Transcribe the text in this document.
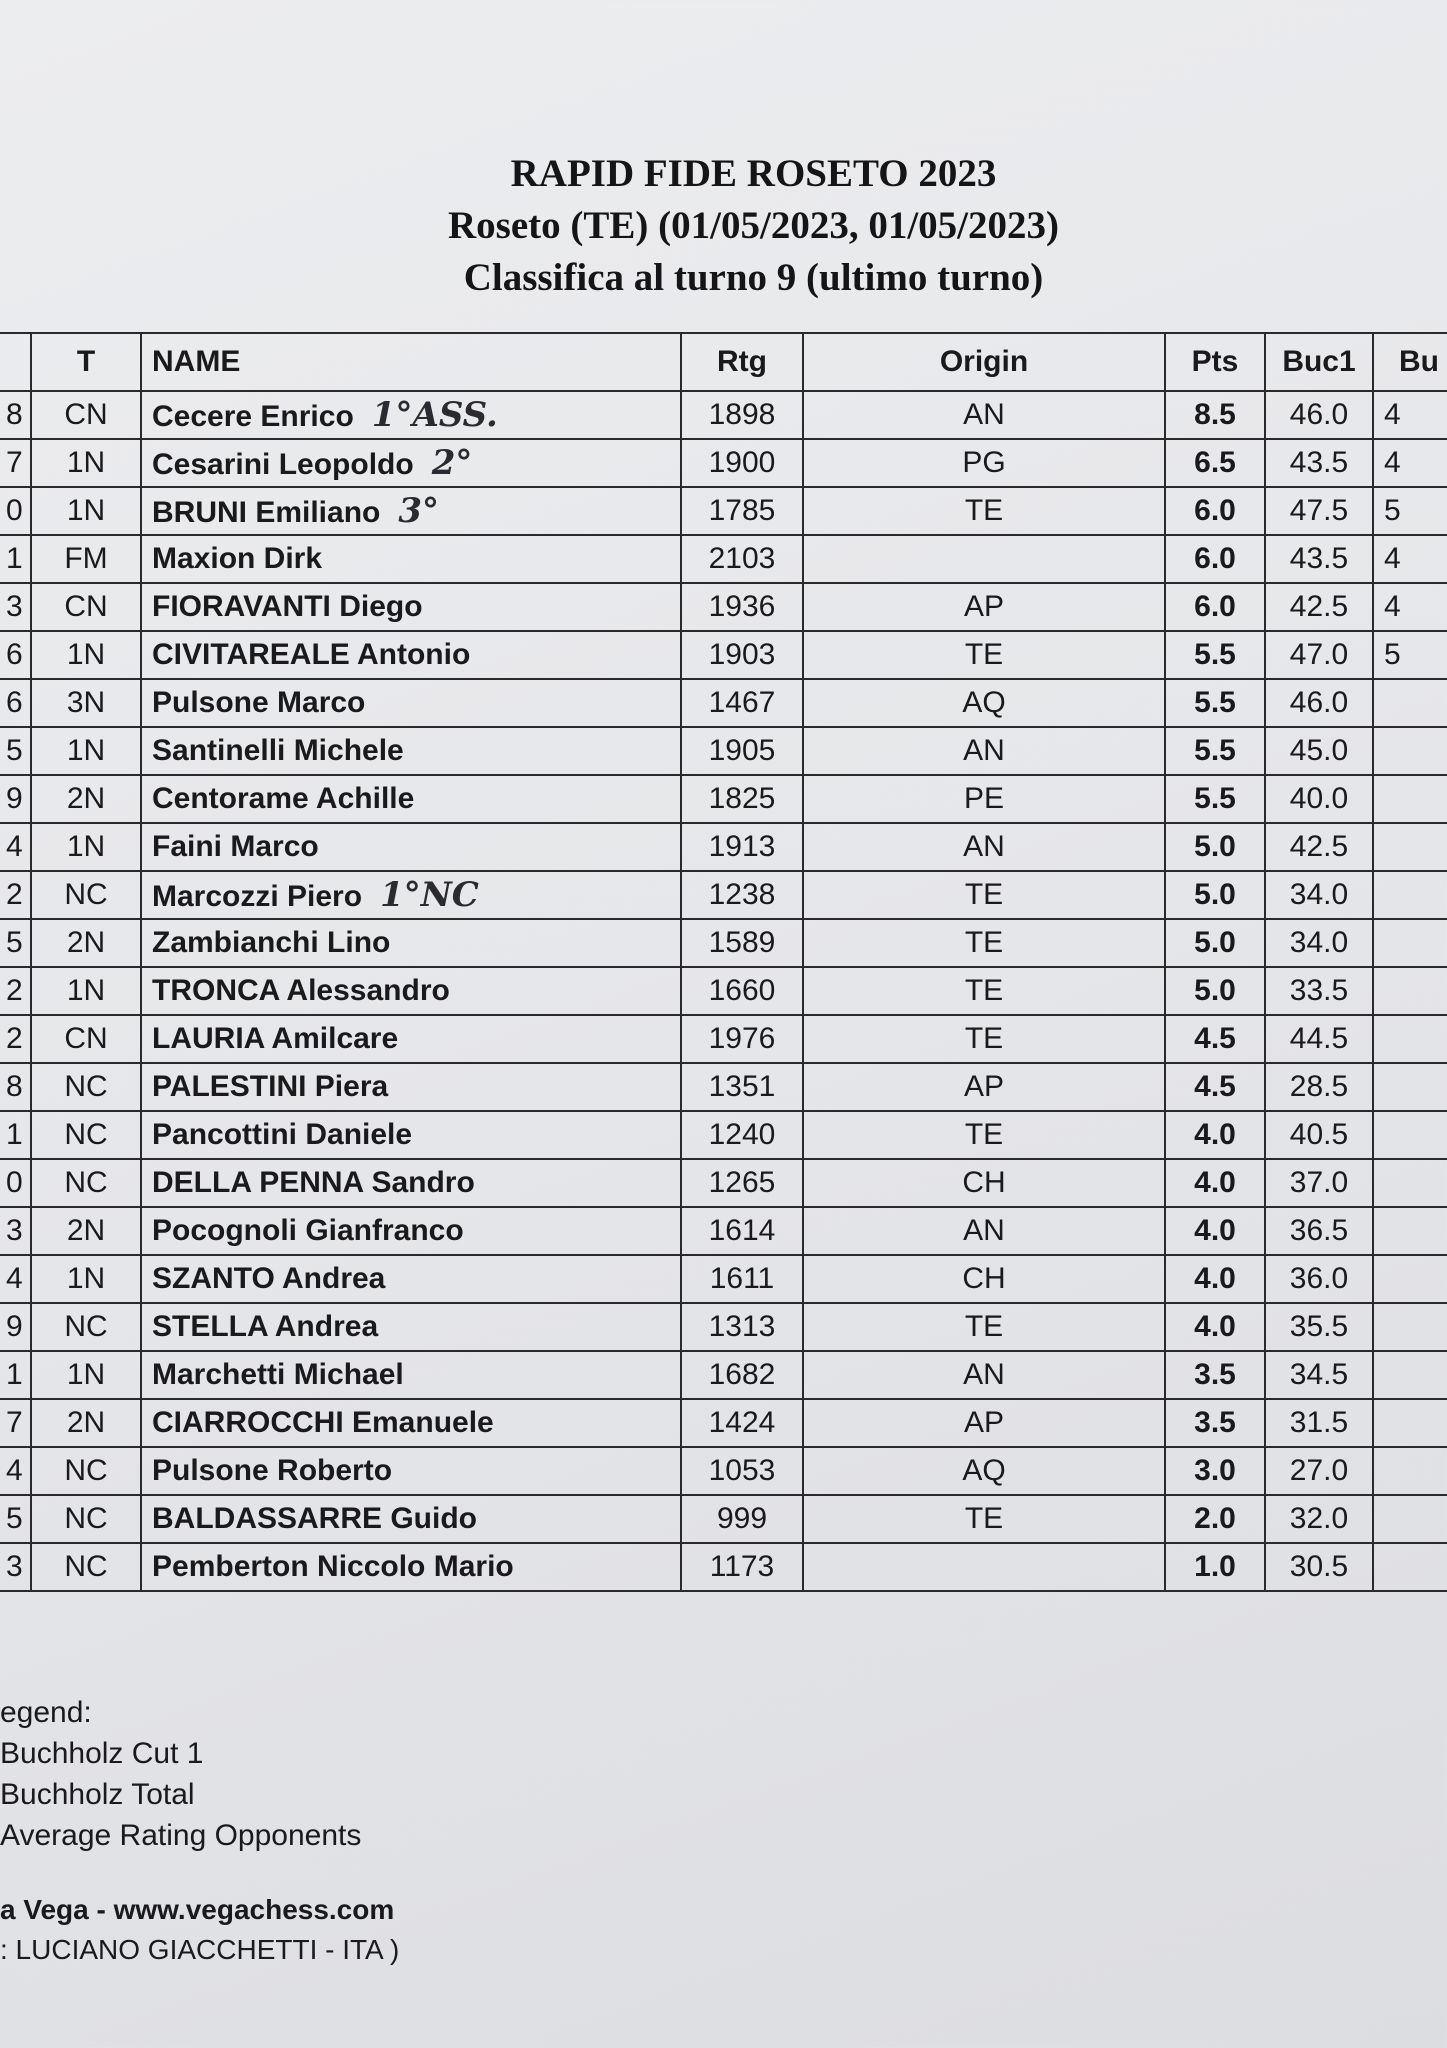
RAPID FIDE ROSETO 2023
Roseto (TE) (01/05/2023, 01/05/2023)
Classifica al turno 9 (ultimo turno)
	T	NAME	Rtg	Origin	Pts	Buc1	Bu
8	CN	Cecere Enrico 1°ASS.	1898	AN	8.5	46.0	4
7	1N	Cesarini Leopoldo 2°	1900	PG	6.5	43.5	4
0	1N	BRUNI Emiliano 3°	1785	TE	6.0	47.5	5
1	FM	Maxion Dirk	2103		6.0	43.5	4
3	CN	FIORAVANTI Diego	1936	AP	6.0	42.5	4
6	1N	CIVITAREALE Antonio	1903	TE	5.5	47.0	5
6	3N	Pulsone Marco	1467	AQ	5.5	46.0	
5	1N	Santinelli Michele	1905	AN	5.5	45.0	
9	2N	Centorame Achille	1825	PE	5.5	40.0	
4	1N	Faini Marco	1913	AN	5.0	42.5	
2	NC	Marcozzi Piero 1°NC	1238	TE	5.0	34.0	
5	2N	Zambianchi Lino	1589	TE	5.0	34.0	
2	1N	TRONCA Alessandro	1660	TE	5.0	33.5	
2	CN	LAURIA Amilcare	1976	TE	4.5	44.5	
8	NC	PALESTINI Piera	1351	AP	4.5	28.5	
1	NC	Pancottini Daniele	1240	TE	4.0	40.5	
0	NC	DELLA PENNA Sandro	1265	CH	4.0	37.0	
3	2N	Pocognoli Gianfranco	1614	AN	4.0	36.5	
4	1N	SZANTO Andrea	1611	CH	4.0	36.0	
9	NC	STELLA Andrea	1313	TE	4.0	35.5	
1	1N	Marchetti Michael	1682	AN	3.5	34.5	
7	2N	CIARROCCHI Emanuele	1424	AP	3.5	31.5	
4	NC	Pulsone Roberto	1053	AQ	3.0	27.0	
5	NC	BALDASSARRE Guido	999	TE	2.0	32.0	
3	NC	Pemberton Niccolo Mario	1173		1.0	30.5	
egend:
Buchholz Cut 1
Buchholz Total
Average Rating Opponents
a Vega - www.vegachess.com
: LUCIANO GIACCHETTI - ITA )
